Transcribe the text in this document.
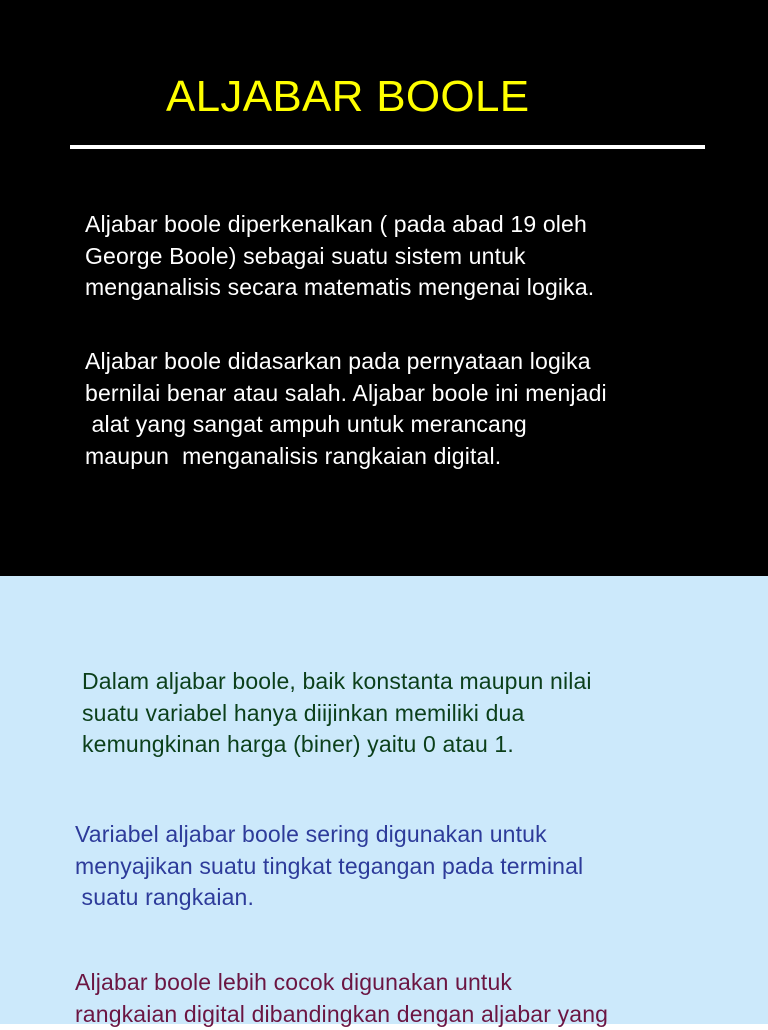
ALJABAR BOOLE

Aljabar boole diperkenalkan ( pada abad 19 oleh
George Boole) sebagai suatu sistem untuk
menganalisis secara matematis mengenai logika.

Aljabar boole didasarkan pada pernyataan logika
bernilai benar atau salah. Aljabar boole ini menjadi
alat yang sangat ampuh untuk merancang
maupun  menganalisis rangkaian digital.

Dalam aljabar boole, baik konstanta maupun nilai
suatu variabel hanya diijinkan memiliki dua
kemungkinan harga (biner) yaitu 0 atau 1.

Variabel aljabar boole sering digunakan untuk
menyajikan suatu tingkat tegangan pada terminal
suatu rangkaian.

Aljabar boole lebih cocok digunakan untuk
rangkaian digital dibandingkan dengan aljabar yang
